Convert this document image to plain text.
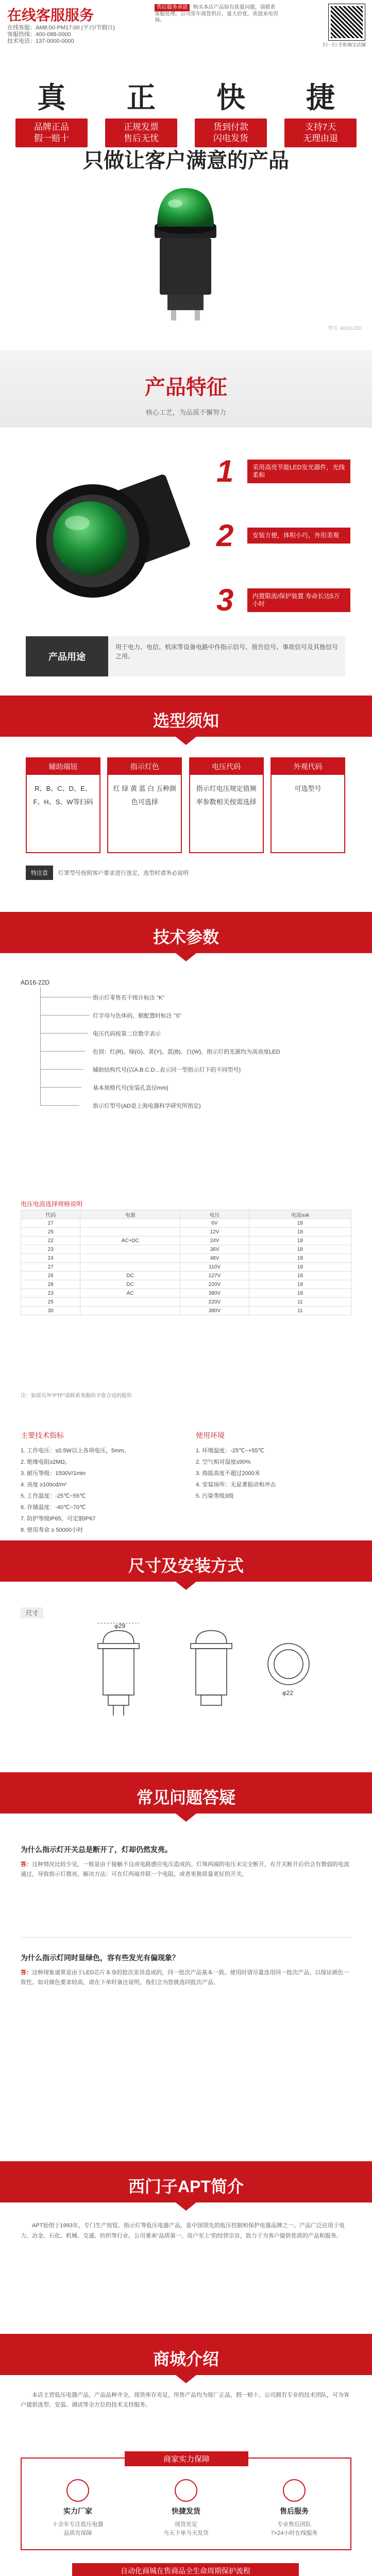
在线客服服务
在线客服：AM8:00-PM17:00 (平日/节假日)
客服热线：400-088-0000
技术电话：137-0000-0000
售后服务承诺 购买本店产品如有质量问题，请联系客服处理。公司常年现货供应，量大价优，欢迎来电咨询。
扫一扫 手机淘宝店铺
真
品牌正品
假一赔十
正
正规发票
售后无忧
快
货到付款
闪电发货
捷
支持7天
无理由退
只做让客户满意的产品
型号: AD16-22D
产品特征
核心工艺，为品质不懈努力
1	采用高亮节能LED发光器件，光线柔和
2	安装方便，体积小巧，外形美观
3	内置限流/保护装置 寿命长达5万小时
产品用途
用于电力、电信、机床等设备电路中作指示信号、预告信号、事故信号及其他信号之用。
选型须知
辅助端钮
R、B、C、D、E、F、H、S、W等扫码
指示灯色
红 绿 黄 蓝 白 五种颜色可选择
电压代码
指示灯电压规定值频率参数相关按需选择
外观代码
可选型号
特注意	灯罩型号按照客户要求进行选定，选型时请务必说明
技术参数
AD16-22D
指示灯零售若干统计标注 "K"
灯字母与色体码，据配置时标注 "S"
电压代码按第二位数字表示
色别：红(R)、绿(G)、黄(Y)、蓝(B)、白(W)，指示灯的光源均为高亮度LED
辅助结构代号(以A.B.C.D...表示同一型指示灯下的不同型号)
基本规格代号(安装孔直径mm)
指示灯型号(AD是上海电器科学研究所指定)
电压电流选择规格说明
代码	电源	电压	电流mA
27		6V	18
25		12V	18
22	AC+DC	24V	18
23		36V	18
24		48V	18
27		110V	18
26	DC	127V	18
28	DC	220V	18
23	AC	380V	18
25		220V	11
30		380V	11
注：如需另外"PTF"请联系客服给予您合适的报价
主要技术指标
1. 工作电压：≤0.5W以上各项电压，5mm。
2. 绝缘电阻≥2MΩ。
3. 耐压等级：1500V/1min
4. 亮度 ≥100cd/m²
5. 工作温度：-25℃~55℃
6. 存储温度：-40℃~70℃
7. 防护等级IP65，可定制IP67
8. 使用寿命 ≥ 50000小时
使用环境
1. 环境温度：-25℃~+55℃
2. 空气相对湿度≤90%
3. 海拔高度不超过2000米
4. 安装场所：无显著振动和冲击
5. 污染等级3级
尺寸及安装方式
尺寸
φ29
φ22
常见问题答疑
为什么指示灯开关总是断开了，灯却仍然发亮。
答：这种情况比较少见，一般是由于接触不良或电路感应电压造成的。灯珠两端的电压未完全断开，在开关断开后仍会有微弱的电流通过，导致指示灯微亮。解决方法：可在灯两端并联一个电阻，或者更换质量更好的开关。
为什么指示灯同时显绿色，容有些发光有偏现象？
答：这种现象通常是由于LED芯片本身的批次差异造成的，同一批次产品基本一致。使用时请尽量选用同一批次产品，以保证颜色一致性。如对颜色要求较高，请在下单时备注说明，我们会为您挑选同批次产品。
西门子APT简介
APT始创于1993年，专门生产按钮、指示灯等低压电器产品，是中国领先的低压控制和保护电器品牌之一。产品广泛应用于电力、冶金、石化、机械、交通、纺织等行业。公司秉承"品质第一、用户至上"的经营宗旨，致力于为客户提供优质的产品和服务。
商城介绍
本店主营低压电器产品，产品品种齐全，现货库存充足，所售产品均为原厂正品，假一赔十。公司拥有专业的技术团队，可为客户提供选型、安装、调试等全方位的技术支持服务。
商家实力保障
实力厂家
十余年专注低压电器
品质有保障
快捷发货
现货充足
当天下单当天发货
售后服务
专业售后团队
7×24小时在线服务
自动化商城在售商品全生命周期保护流程
